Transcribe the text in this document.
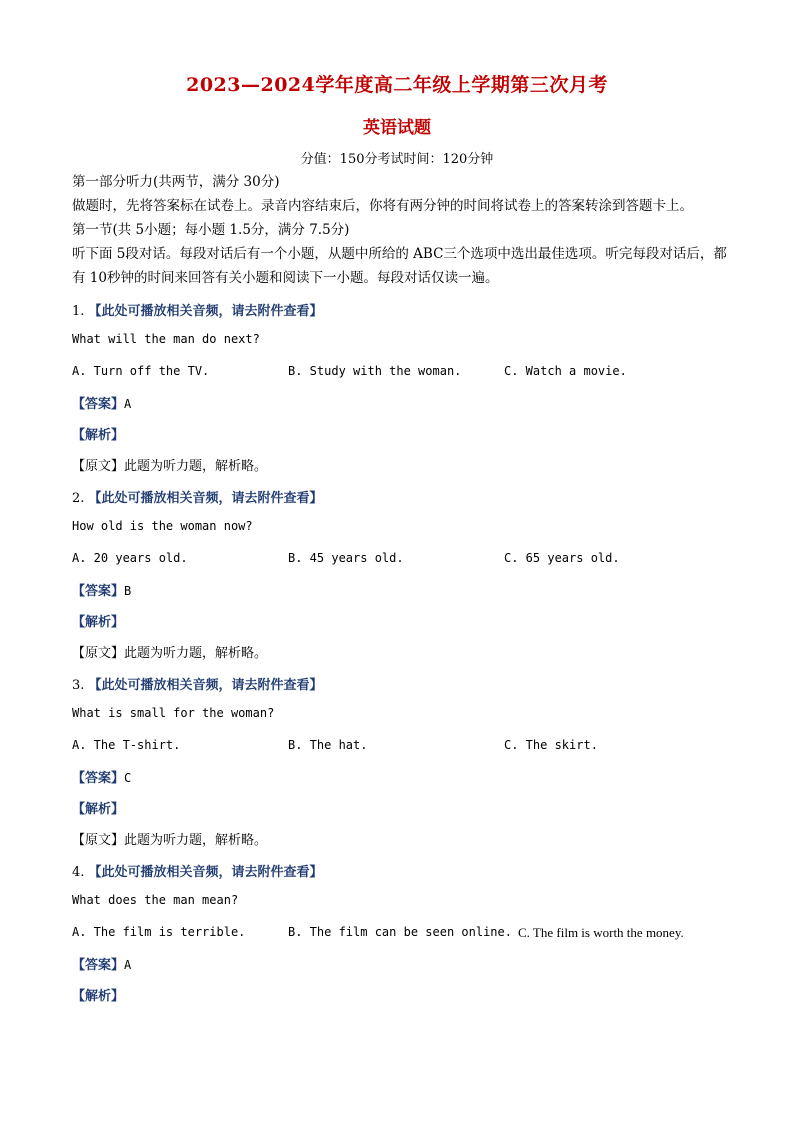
2023—2024学年度高二年级上学期第三次月考
英语试题
分值：150分考试时间：120分钟

第一部分听力(共两节，满分 30分)

做题时，先将答案标在试卷上。录音内容结束后，你将有两分钟的时间将试卷上的答案转涂到答题卡上。

第一节(共 5小题；每小题 1.5分，满分 7.5分)

听下面 5段对话。每段对话后有一个小题，从题中所给的 ABC三个选项中选出最佳选项。听完每段对话后，都有 10秒钟的时间来回答有关小题和阅读下一小题。每段对话仅读一遍。

1. 【此处可播放相关音频，请去附件查看】
What will the man do next?
A. Turn off the TV.	B. Study with the woman.	C. Watch a movie.
【答案】A
【解析】
【原文】此题为听力题，解析略。
2. 【此处可播放相关音频，请去附件查看】
How old is the woman now?
A. 20 years old.	B. 45 years old.	C. 65 years old.
【答案】B
【解析】
【原文】此题为听力题，解析略。
3. 【此处可播放相关音频，请去附件查看】
What is small for the woman?
A. The T-shirt.	B. The hat.	C. The skirt.
【答案】C
【解析】
【原文】此题为听力题，解析略。
4. 【此处可播放相关音频，请去附件查看】
What does the man mean?
A. The film is terrible.	B. The film can be seen online. C. The film is worth the money.
【答案】A
【解析】
